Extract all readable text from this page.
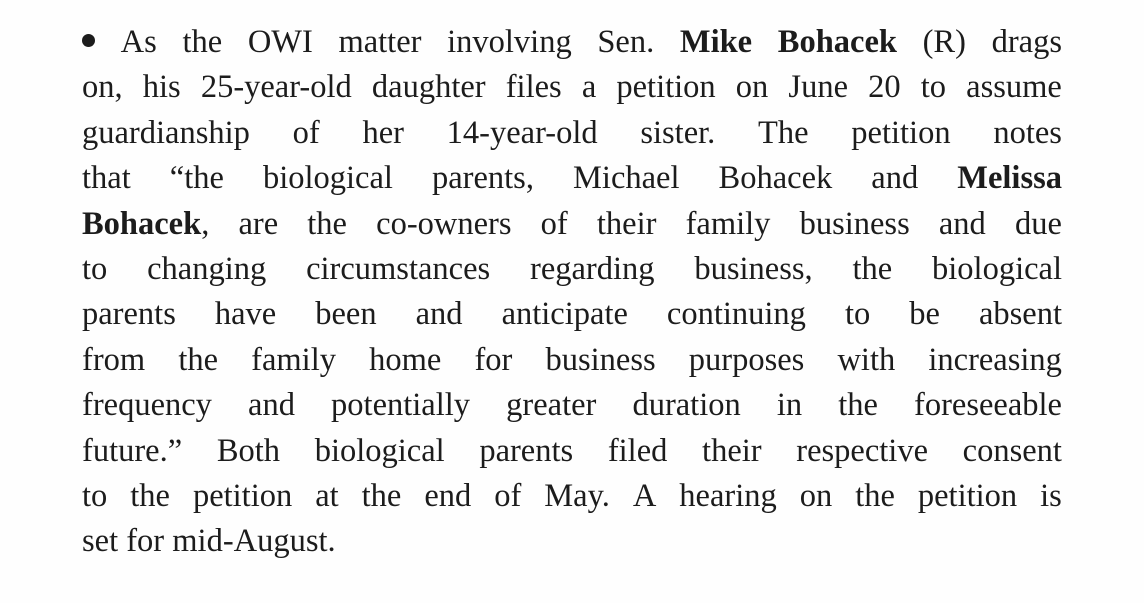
As the OWI matter involving Sen. Mike Bohacek (R) drags
on, his 25-year-old daughter files a petition on June 20 to assume
guardianship of her 14-year-old sister. The petition notes
that “the biological parents, Michael Bohacek and Melissa
Bohacek, are the co-owners of their family business and due
to changing circumstances regarding business, the biological
parents have been and anticipate continuing to be absent
from the family home for business purposes with increasing
frequency and potentially greater duration in the foreseeable
future.” Both biological parents filed their respective consent
to the petition at the end of May. A hearing on the petition is
set for mid-August.
